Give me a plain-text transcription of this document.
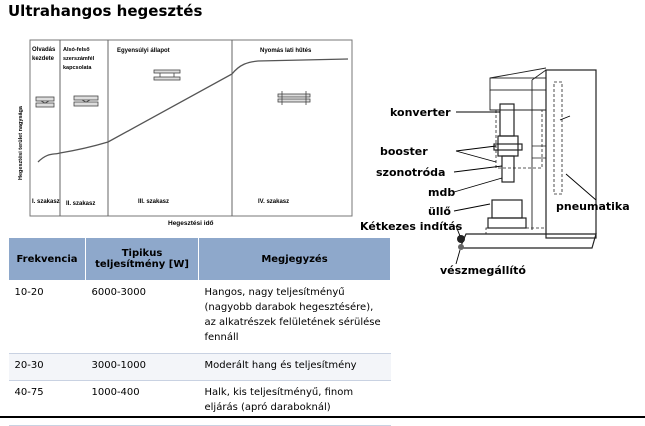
Ultrahangos hegesztés
Olvadás kezdete
Alsó-felső szerszámfél kapcsolata
Egyensúlyi állapot	Nyomás lati hűtés
I. szakasz II. szakasz	III. szakasz	IV. szakasz
Hegesztési idő
Hegesztési terület nagysága
Frekvencia	Tipikus teljesítmény [W]	Megjegyzés
10-20	6000-3000	Hangos, nagy teljesítményű (nagyobb darabok hegesztésére), az alkatrészek felületének sérülése fennáll
20-30	3000-1000	Moderált hang és teljesítmény
40-75	1000-400	Halk, kis teljesítményű, finom eljárás (apró daraboknál)
konverter
booster
szonotróda
mdb
üllő	pneumatika
Kétkezes indítás
vészmegállító
